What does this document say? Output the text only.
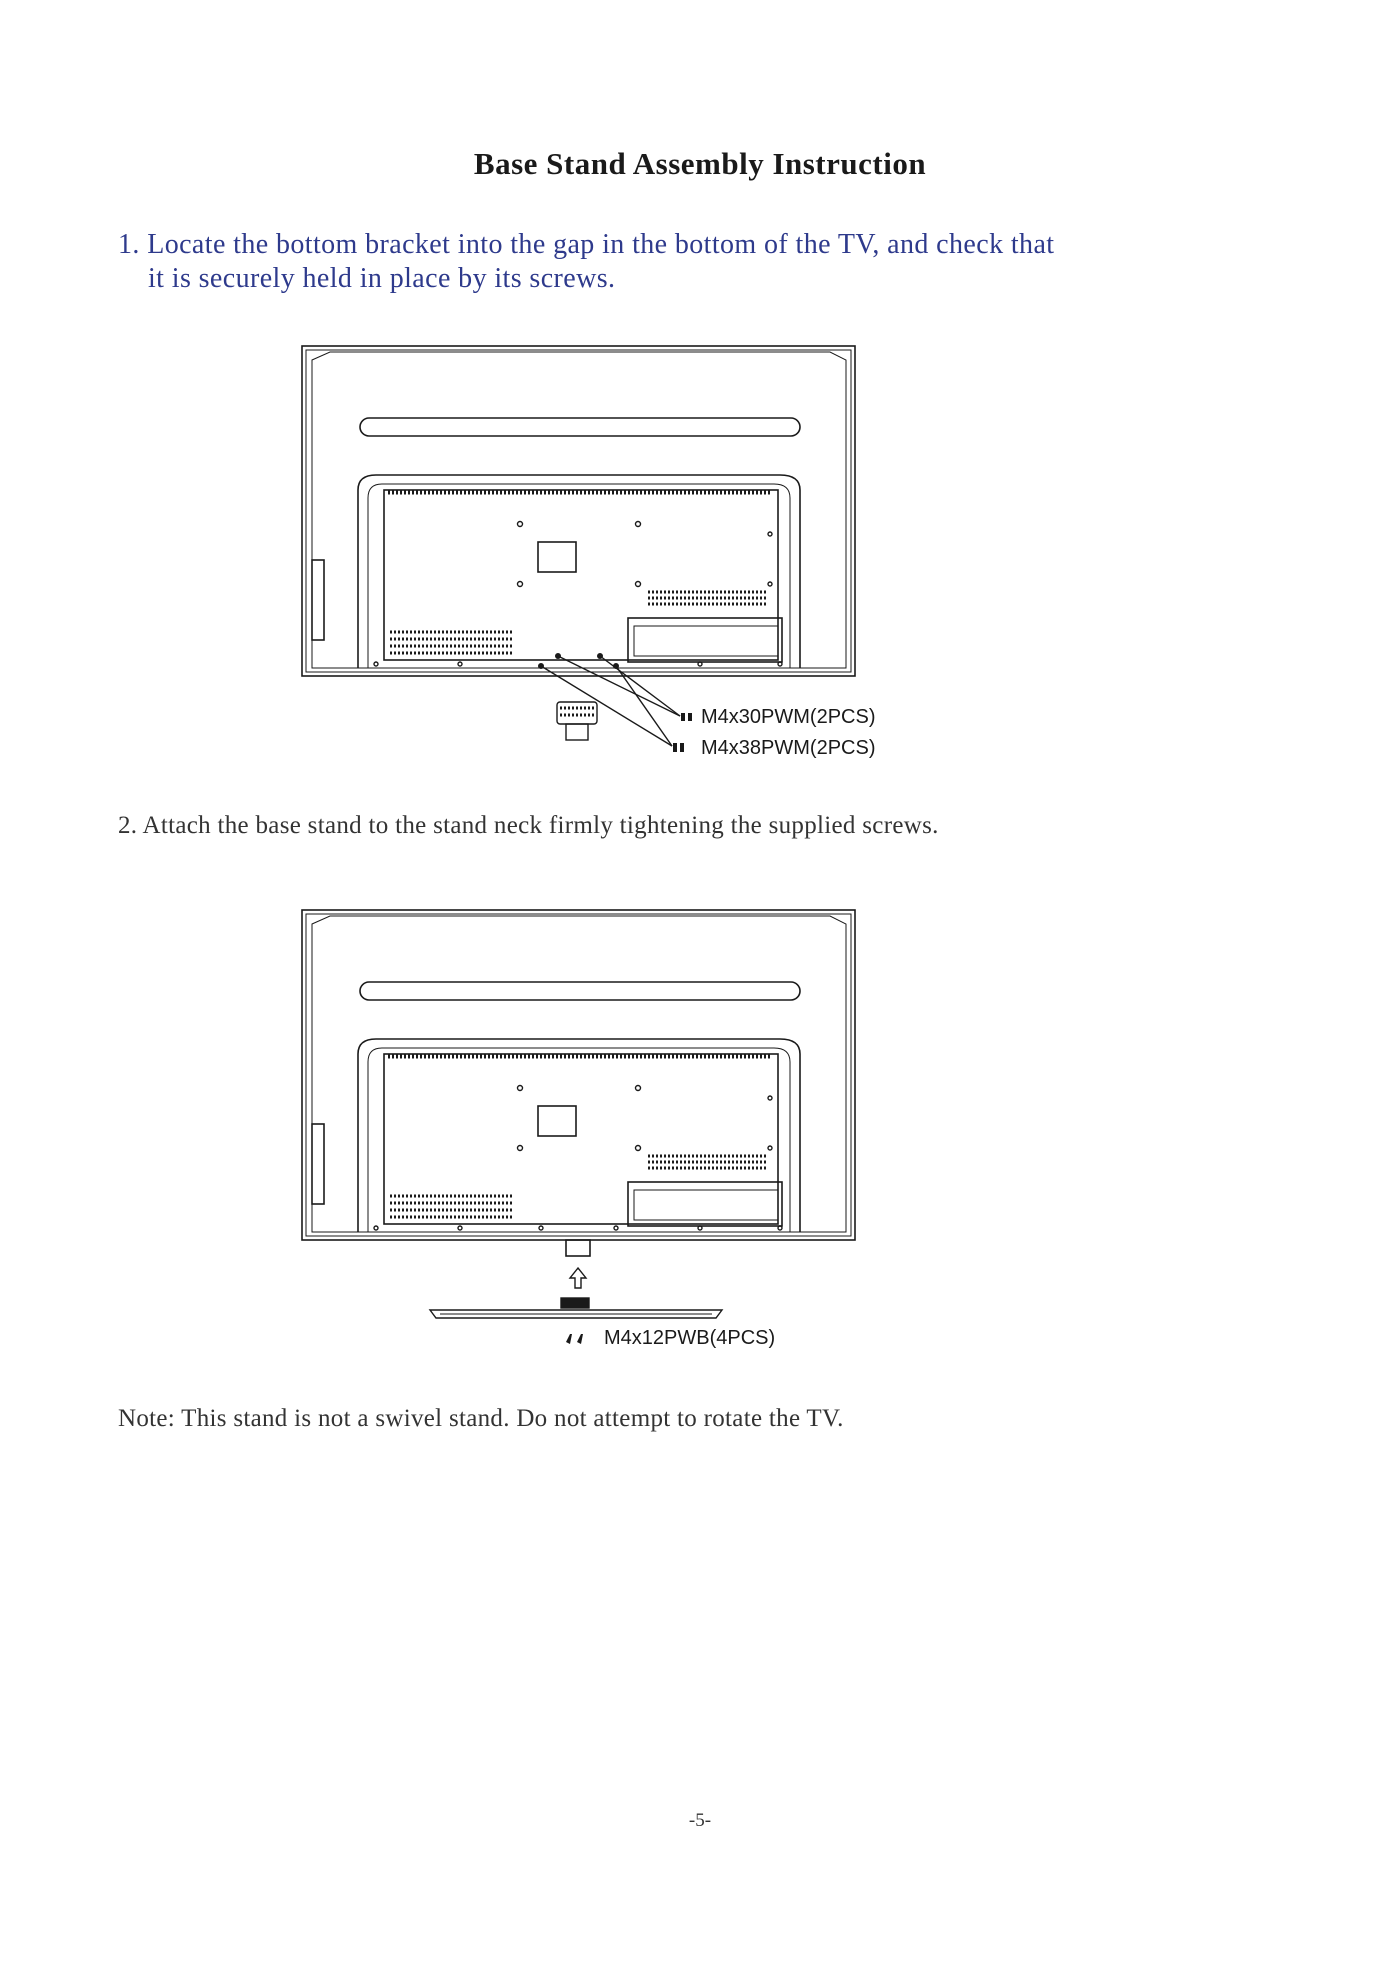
Base Stand Assembly Instruction
1. Locate the bottom bracket into the gap in the bottom of the TV, and check that
it is securely held in place by its screws.
M4x30PWM(2PCS)
M4x38PWM(2PCS)
2. Attach the base stand to the stand neck firmly tightening the supplied screws.
M4x12PWB(4PCS)
Note: This stand is not a swivel stand. Do not attempt to rotate the TV.
-5-
